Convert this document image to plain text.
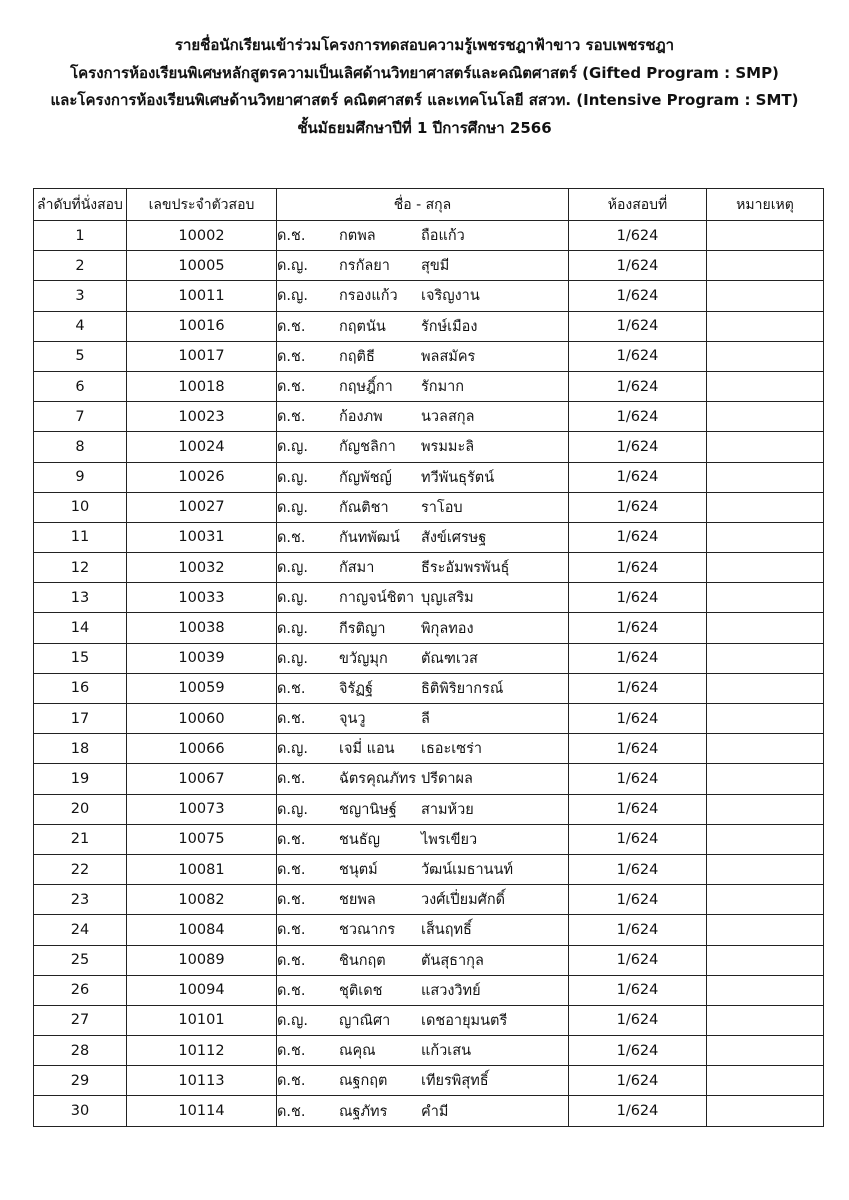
รายชื่อนักเรียนเข้าร่วมโครงการทดสอบความรู้เพชรชฎาฟ้าขาว รอบเพชรชฎา
โครงการห้องเรียนพิเศษหลักสูตรความเป็นเลิศด้านวิทยาศาสตร์และคณิตศาสตร์ (Gifted Program : SMP)
และโครงการห้องเรียนพิเศษด้านวิทยาศาสตร์ คณิตศาสตร์ และเทคโนโลยี สสวท. (Intensive Program : SMT)
ชั้นมัธยมศึกษาปีที่ 1 ปีการศึกษา 2566
ลำดับที่นั่งสอบ	เลขประจำตัวสอบ	ชื่อ - สกุล	ห้องสอบที่	หมายเหตุ
1	10002	ด.ช. กตพล ถือแก้ว	1/624	
2	10005	ด.ญ. กรกัลยา สุขมี	1/624	
3	10011	ด.ญ. กรองแก้ว เจริญงาน	1/624	
4	10016	ด.ช. กฤตนัน รักษ์เมือง	1/624	
5	10017	ด.ช. กฤติธี พลสมัคร	1/624	
6	10018	ด.ช. กฤษฎิ์กา รักมาก	1/624	
7	10023	ด.ช. ก้องภพ นวลสกุล	1/624	
8	10024	ด.ญ. กัญชลิกา พรมมะลิ	1/624	
9	10026	ด.ญ. กัญพัชญ์ ทวีพันธุรัตน์	1/624	
10	10027	ด.ญ. กัณติชา ราโอบ	1/624	
11	10031	ด.ช. กันทพัฒน์ สังข์เศรษฐ	1/624	
12	10032	ด.ญ. กัสมา ธีระอัมพรพันธุ์	1/624	
13	10033	ด.ญ. กาญจน์ชิตา บุญเสริม	1/624	
14	10038	ด.ญ. กีรติญา พิกุลทอง	1/624	
15	10039	ด.ญ. ขวัญมุก ตัณฑเวส	1/624	
16	10059	ด.ช. จิรัฏฐ์ ธิติพิริยากรณ์	1/624	
17	10060	ด.ช. จุนวู ลี	1/624	
18	10066	ด.ญ. เจมี่ แอน เธอะเซร่า	1/624	
19	10067	ด.ช. ฉัตรคุณภัทร ปรีดาผล	1/624	
20	10073	ด.ญ. ชญานิษฐ์ สามห้วย	1/624	
21	10075	ด.ช. ชนธัญ ไพรเขียว	1/624	
22	10081	ด.ช. ชนุตม์ วัฒน์เมธานนท์	1/624	
23	10082	ด.ช. ชยพล วงศ์เปี่ยมศักดิ์	1/624	
24	10084	ด.ช. ชวณากร เส็นฤทธิ์	1/624	
25	10089	ด.ช. ชินกฤต ตันสุธากุล	1/624	
26	10094	ด.ช. ชุติเดช แสวงวิทย์	1/624	
27	10101	ด.ญ. ญาณิศา เดชอายุมนตรี	1/624	
28	10112	ด.ช. ณคุณ แก้วเสน	1/624	
29	10113	ด.ช. ณฐกฤต เทียรพิสุทธิ์	1/624	
30	10114	ด.ช. ณฐภัทร คำมี	1/624	
